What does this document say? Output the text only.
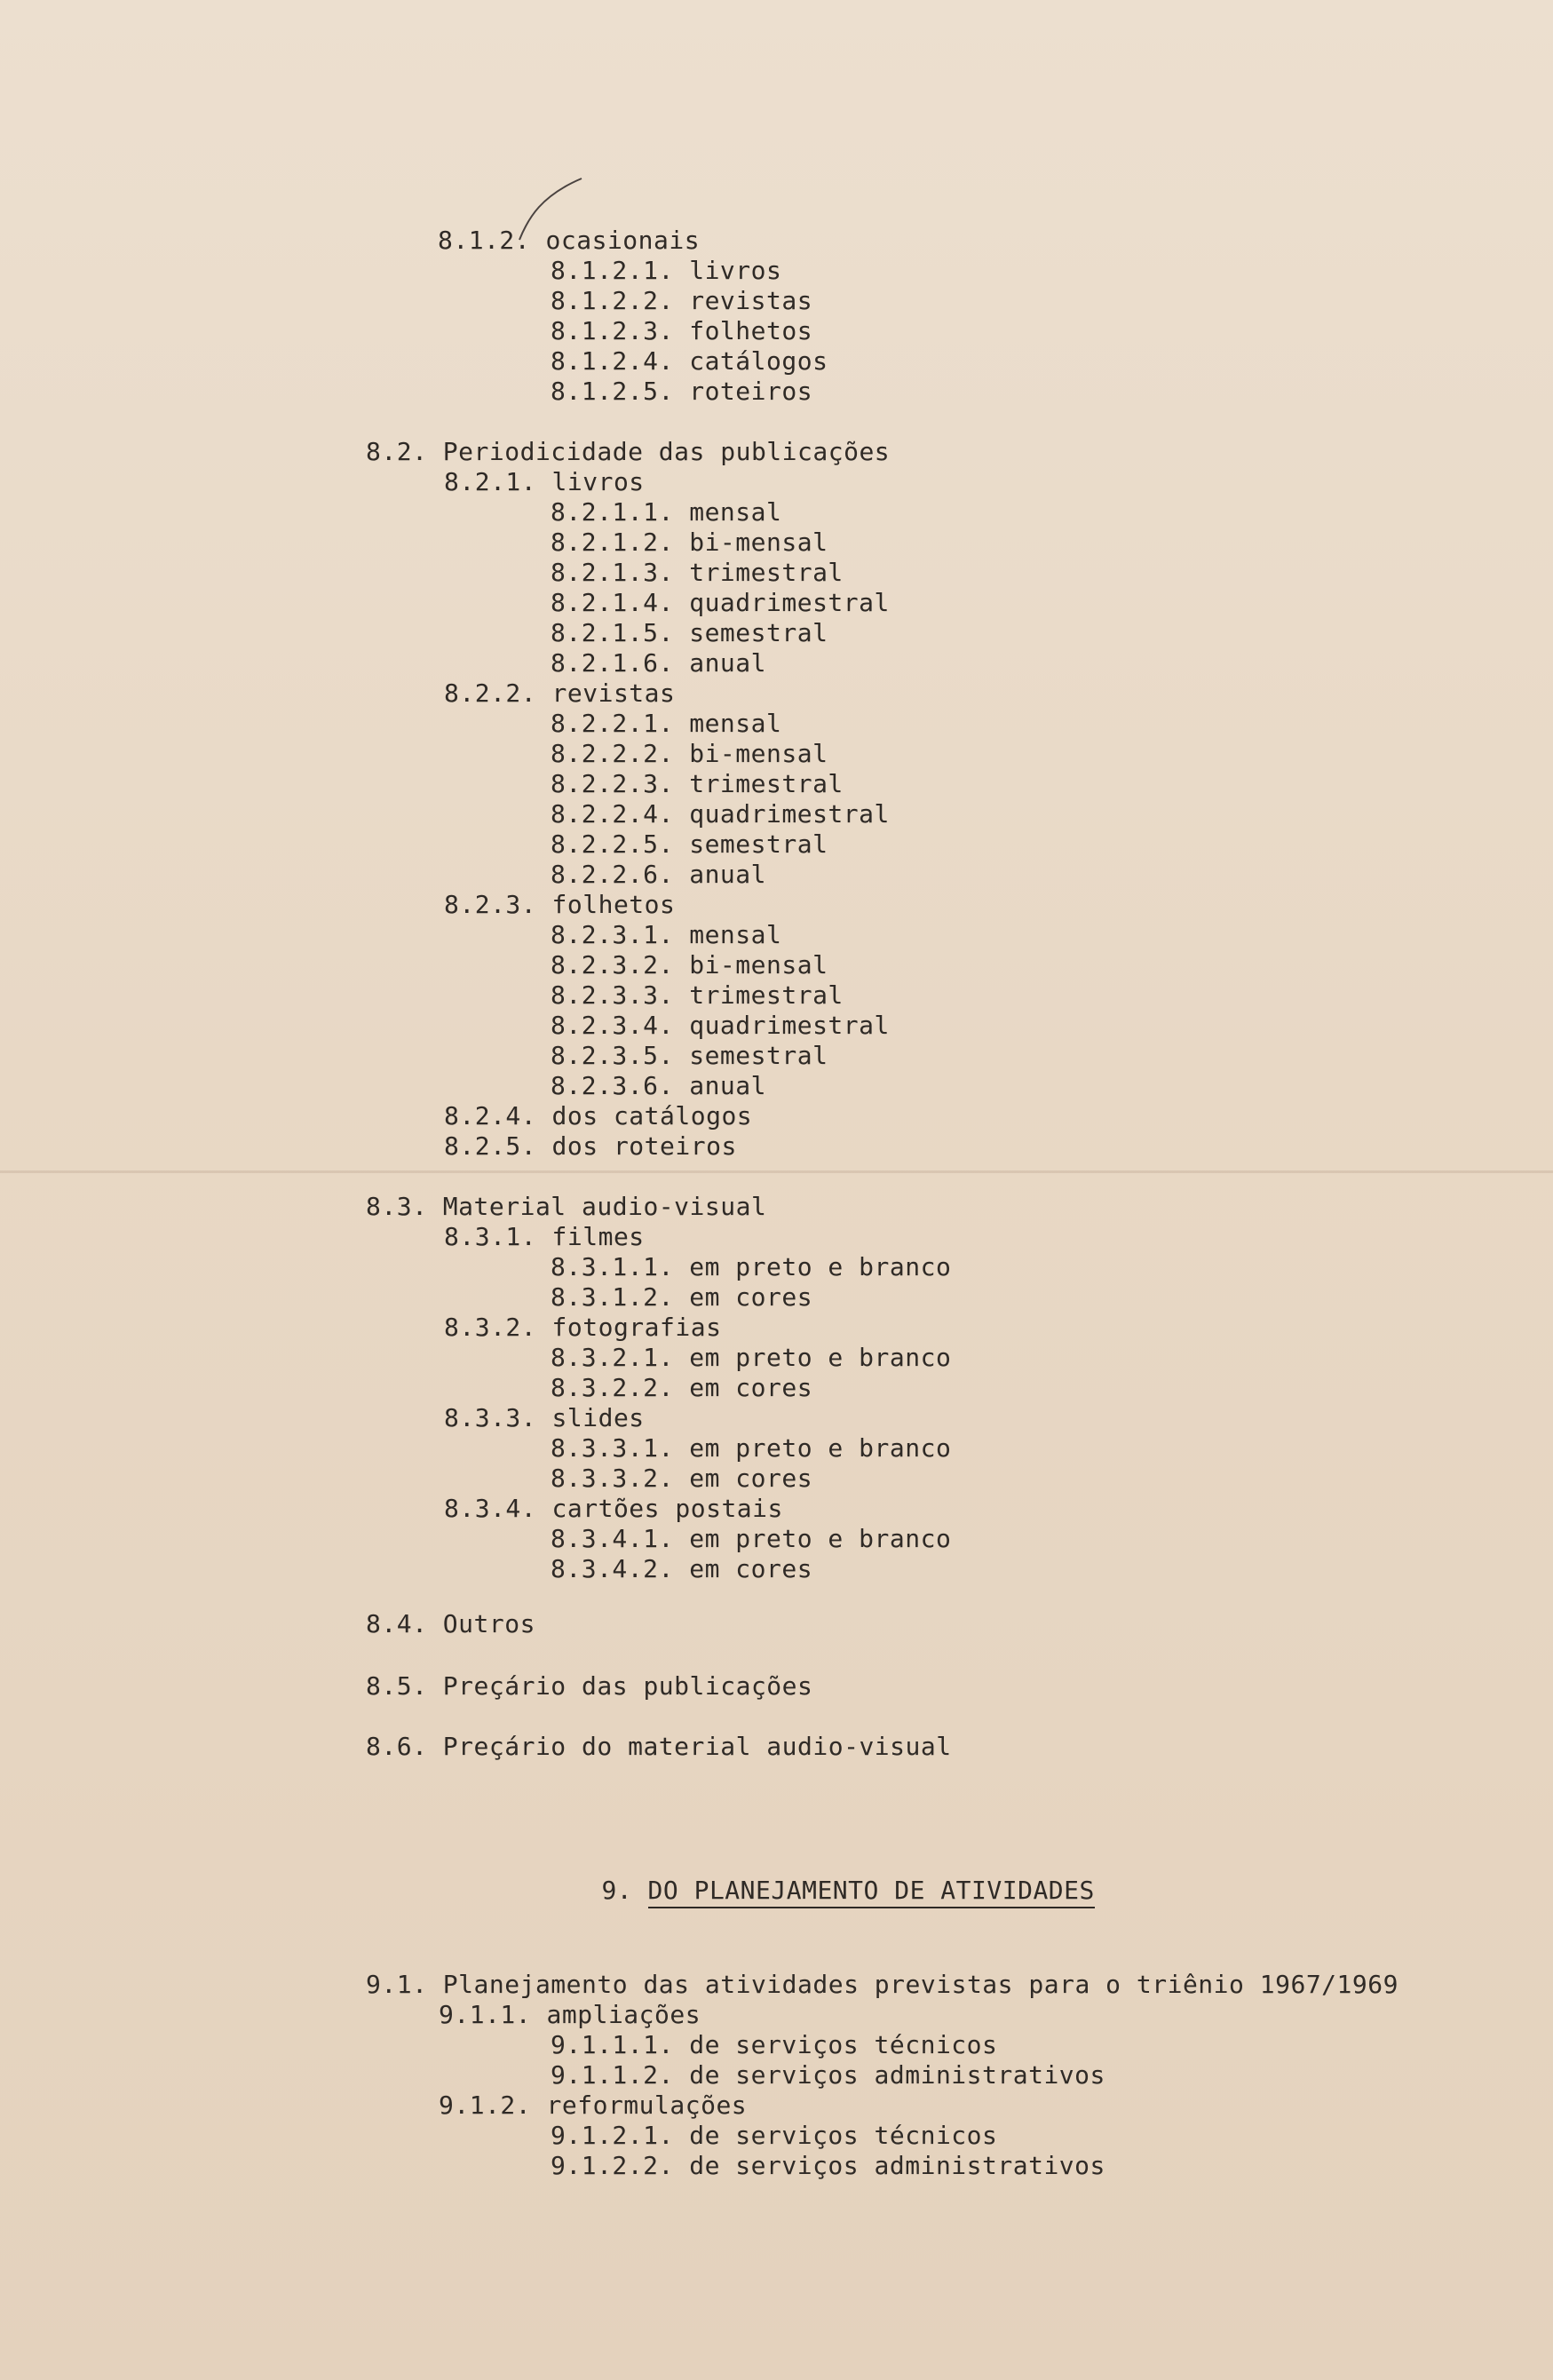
8.1.2. ocasionais
8.1.2.1. livros
8.1.2.2. revistas
8.1.2.3. folhetos
8.1.2.4. catálogos
8.1.2.5. roteiros
8.2. Periodicidade das publicações
8.2.1. livros
8.2.1.1. mensal
8.2.1.2. bi-mensal
8.2.1.3. trimestral
8.2.1.4. quadrimestral
8.2.1.5. semestral
8.2.1.6. anual
8.2.2. revistas
8.2.2.1. mensal
8.2.2.2. bi-mensal
8.2.2.3. trimestral
8.2.2.4. quadrimestral
8.2.2.5. semestral
8.2.2.6. anual
8.2.3. folhetos
8.2.3.1. mensal
8.2.3.2. bi-mensal
8.2.3.3. trimestral
8.2.3.4. quadrimestral
8.2.3.5. semestral
8.2.3.6. anual
8.2.4. dos catálogos
8.2.5. dos roteiros
8.3. Material audio-visual
8.3.1. filmes
8.3.1.1. em preto e branco
8.3.1.2. em cores
8.3.2. fotografias
8.3.2.1. em preto e branco
8.3.2.2. em cores
8.3.3. slides
8.3.3.1. em preto e branco
8.3.3.2. em cores
8.3.4. cartões postais
8.3.4.1. em preto e branco
8.3.4.2. em cores
8.4. Outros
8.5. Preçário das publicações
8.6. Preçário do material audio-visual
9.1. Planejamento das atividades previstas para o triênio 1967/1969
9.1.1. ampliações
9.1.1.1. de serviços técnicos
9.1.1.2. de serviços administrativos
9.1.2. reformulações
9.1.2.1. de serviços técnicos
9.1.2.2. de serviços administrativos

9. DO PLANEJAMENTO DE ATIVIDADES
